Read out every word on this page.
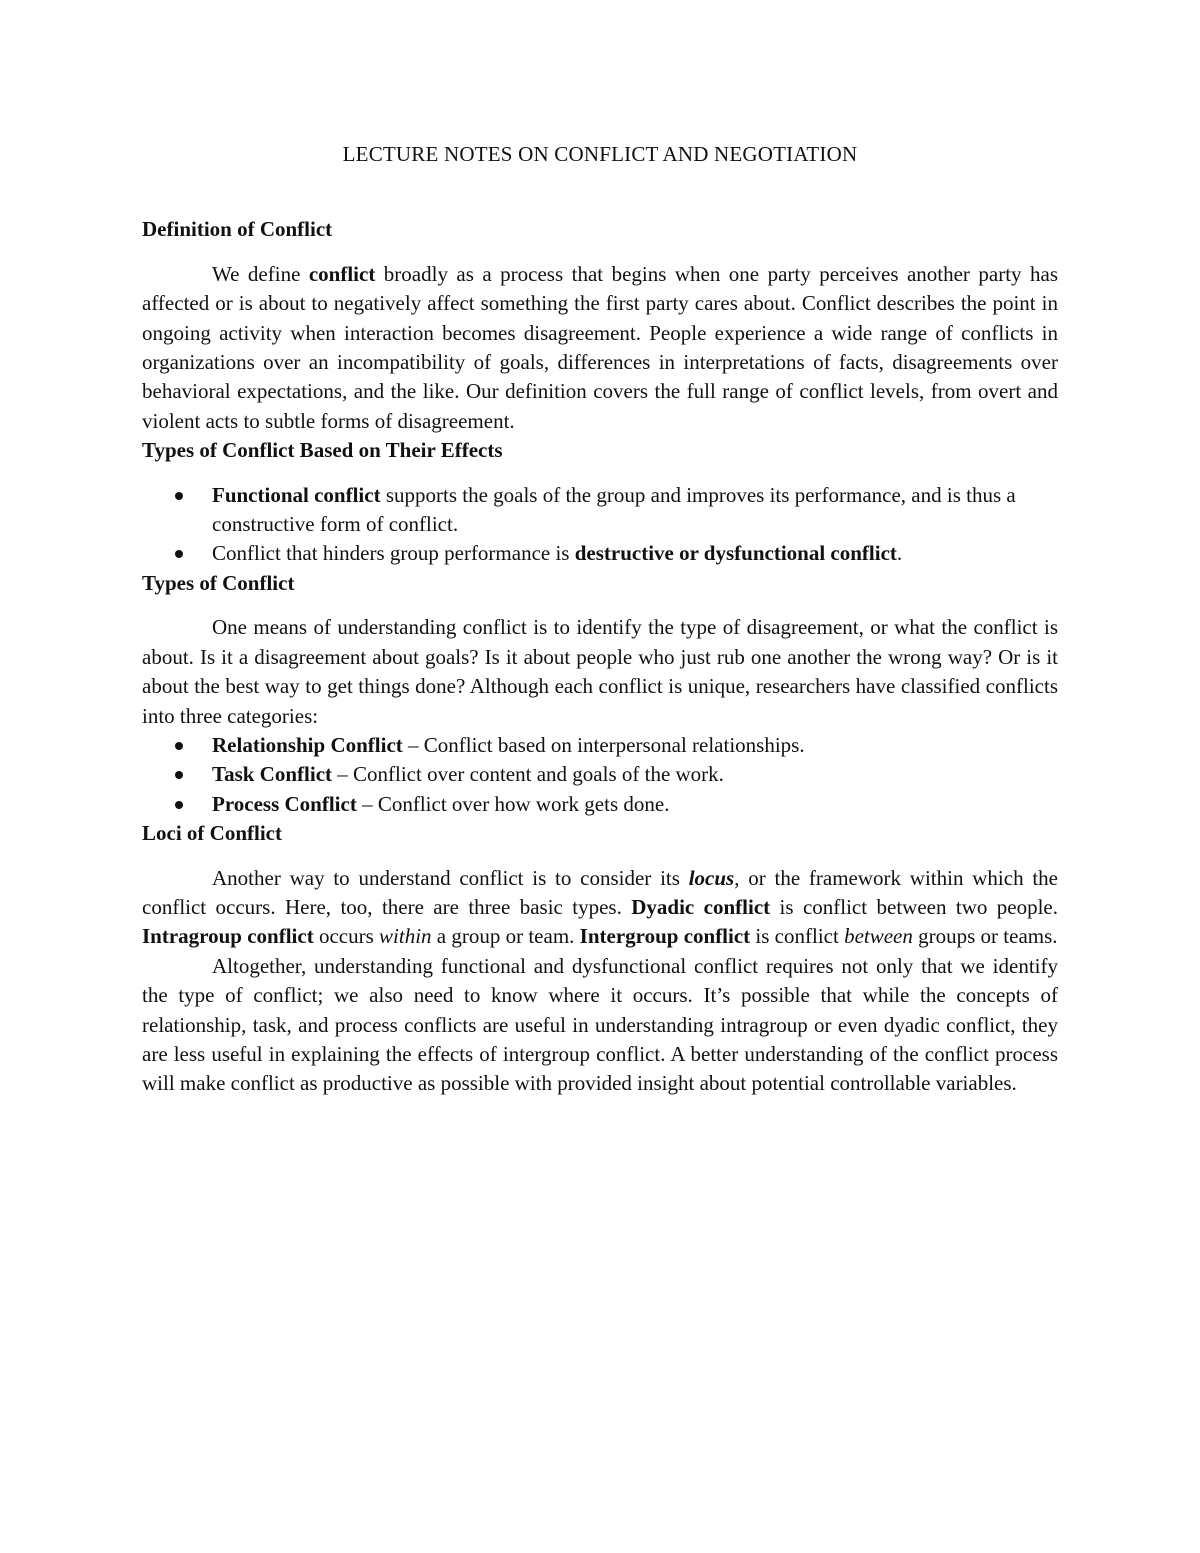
LECTURE NOTES ON CONFLICT AND NEGOTIATION
Definition of Conflict

We define conflict broadly as a process that begins when one party perceives another party has affected or is about to negatively affect something the first party cares about. Conflict describes the point in ongoing activity when interaction becomes disagreement. People experience a wide range of conflicts in organizations over an incompatibility of goals, differences in interpretations of facts, disagreements over behavioral expectations, and the like. Our definition covers the full range of conflict levels, from overt and violent acts to subtle forms of disagreement.

Types of Conflict Based on Their Effects
Functional conflict supports the goals of the group and improves its performance, and is thus a constructive form of conflict.
Conflict that hinders group performance is destructive or dysfunctional conflict.
Types of Conflict

One means of understanding conflict is to identify the type of disagreement, or what the conflict is about. Is it a disagreement about goals? Is it about people who just rub one another the wrong way? Or is it about the best way to get things done? Although each conflict is unique, researchers have classified conflicts into three categories:

Relationship Conflict – Conflict based on interpersonal relationships.
Task Conflict – Conflict over content and goals of the work.
Process Conflict – Conflict over how work gets done.
Loci of Conflict

Another way to understand conflict is to consider its locus, or the framework within which the conflict occurs. Here, too, there are three basic types. Dyadic conflict is conflict between two people. Intragroup conflict occurs within a group or team. Intergroup conflict is conflict between groups or teams.

Altogether, understanding functional and dysfunctional conflict requires not only that we identify the type of conflict; we also need to know where it occurs. It’s possible that while the concepts of relationship, task, and process conflicts are useful in understanding intragroup or even dyadic conflict, they are less useful in explaining the effects of intergroup conflict. A better understanding of the conflict process will make conflict as productive as possible with provided insight about potential controllable variables.
